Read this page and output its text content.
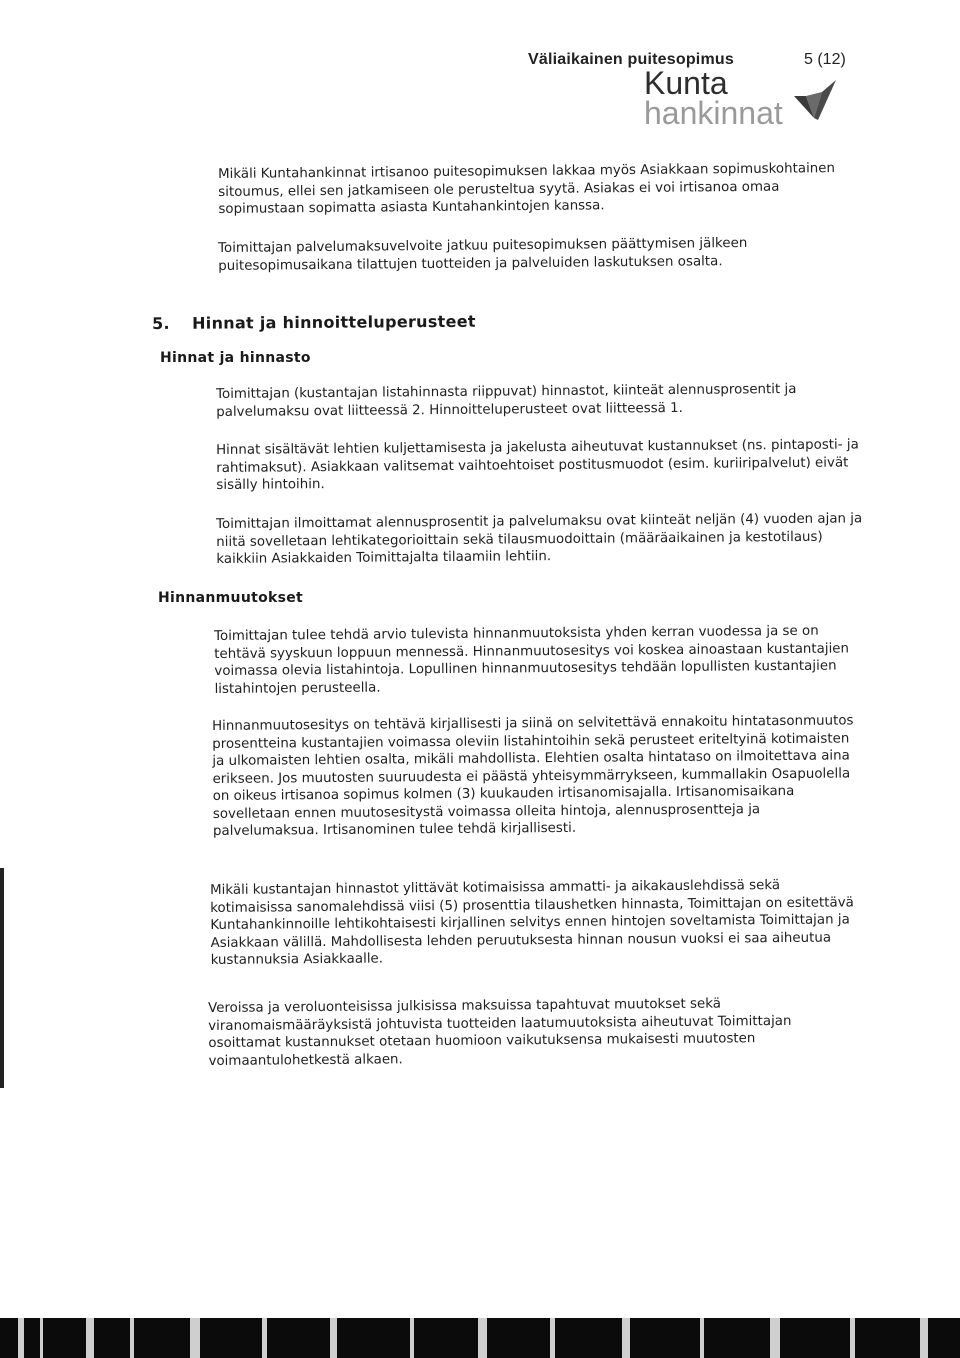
Väliaikainen puitesopimus	5 (12)
Kunta
hankinnat

Mikäli Kuntahankinnat irtisanoo puitesopimuksen lakkaa myös Asiakkaan sopimuskohtainen sitoumus, ellei sen jatkamiseen ole perusteltua syytä. Asiakas ei voi irtisanoa omaa sopimustaan sopimatta asiasta Kuntahankintojen kanssa.

Toimittajan palvelumaksuvelvoite jatkuu puitesopimuksen päättymisen jälkeen puitesopimusaikana tilattujen tuotteiden ja palveluiden laskutuksen osalta.

5. Hinnat ja hinnoitteluperusteet
Hinnat ja hinnasto

Toimittajan (kustantajan listahinnasta riippuvat) hinnastot, kiinteät alennusprosentit ja palvelumaksu ovat liitteessä 2. Hinnoitteluperusteet ovat liitteessä 1.

Hinnat sisältävät lehtien kuljettamisesta ja jakelusta aiheutuvat kustannukset (ns. pintaposti- ja rahtimaksut). Asiakkaan valitsemat vaihtoehtoiset postitusmuodot (esim. kuriiripalvelut) eivät sisälly hintoihin.

Toimittajan ilmoittamat alennusprosentit ja palvelumaksu ovat kiinteät neljän (4) vuoden ajan ja niitä sovelletaan lehtikategorioittain sekä tilausmuodoittain (määräaikainen ja kestotilaus) kaikkiin Asiakkaiden Toimittajalta tilaamiin lehtiin.

Hinnanmuutokset

Toimittajan tulee tehdä arvio tulevista hinnanmuutoksista yhden kerran vuodessa ja se on tehtävä syyskuun loppuun mennessä. Hinnanmuutosesitys voi koskea ainoastaan kustantajien voimassa olevia listahintoja. Lopullinen hinnanmuutosesitys tehdään lopullisten kustantajien listahintojen perusteella.

Hinnanmuutosesitys on tehtävä kirjallisesti ja siinä on selvitettävä ennakoitu hintatasonmuutos prosentteina kustantajien voimassa oleviin listahintoihin sekä perusteet eriteltyinä kotimaisten ja ulkomaisten lehtien osalta, mikäli mahdollista. Elehtien osalta hintataso on ilmoitettava aina erikseen. Jos muutosten suuruudesta ei päästä yhteisymmärrykseen, kummallakin Osapuolella on oikeus irtisanoa sopimus kolmen (3) kuukauden irtisanomisajalla. Irtisanomisaikana sovelletaan ennen muutosesitystä voimassa olleita hintoja, alennusprosentteja ja palvelumaksua. Irtisanominen tulee tehdä kirjallisesti.

Mikäli kustantajan hinnastot ylittävät kotimaisissa ammatti- ja aikakauslehdissä sekä kotimaisissa sanomalehdissä viisi (5) prosenttia tilaushetken hinnasta, Toimittajan on esitettävä Kuntahankinnoille lehtikohtaisesti kirjallinen selvitys ennen hintojen soveltamista Toimittajan ja Asiakkaan välillä. Mahdollisesta lehden peruutuksesta hinnan nousun vuoksi ei saa aiheutua kustannuksia Asiakkaalle.

Veroissa ja veroluonteisissa julkisissa maksuissa tapahtuvat muutokset sekä viranomaismääräyksistä johtuvista tuotteiden laatumuutoksista aiheutuvat Toimittajan osoittamat kustannukset otetaan huomioon vaikutuksensa mukaisesti muutosten voimaantulohetkestä alkaen.
